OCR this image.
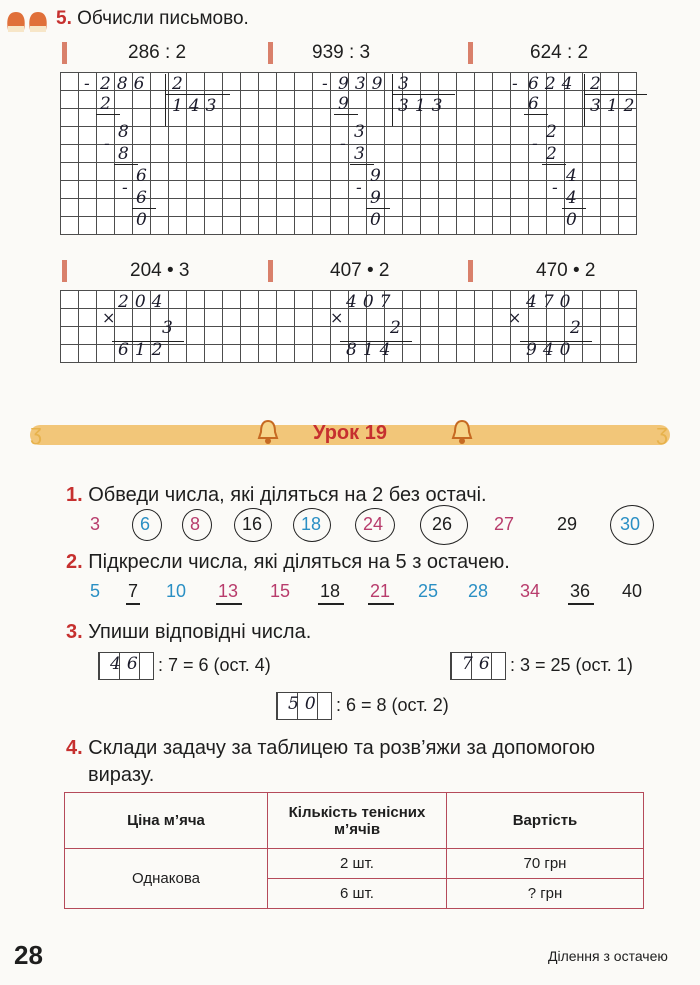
5. Обчисли письмово.
286 : 2	939 : 3	624 : 2
286
-	2
143
2
8
- 8
6
- 6
0
- 939 3
313
9
3
- 3
9
- 9
0
- 624 2
312
6
2
- 2
4
- 4
0
204 • 3	407 • 2	470 • 2
×
204
3
612
×
407
2
814
×
470
2
940
ʒ	ʒ
Урок 19
1. Обведи числа, які діляться на 2 без остачі.
3 6 8 16 18 24	26 27 29 30
2. Підкресли числа, які діляться на 5 з остачею.
5 7 10 13 15 18 21 25 28 34 36 40
3. Упиши відповідні числа.
46 : 7 = 6 (ост. 4)	76 : 3 = 25 (ост. 1)
50 : 6 = 8 (ост. 2)
4. Склади задачу за таблицею та розв’яжи за допомогою
виразу.
Ціна м’яча	Кількість тенісних м’ячів	Вартість
Однакова	2 шт.	70 грн
	6 шт.	? грн
28	Ділення з остачею
